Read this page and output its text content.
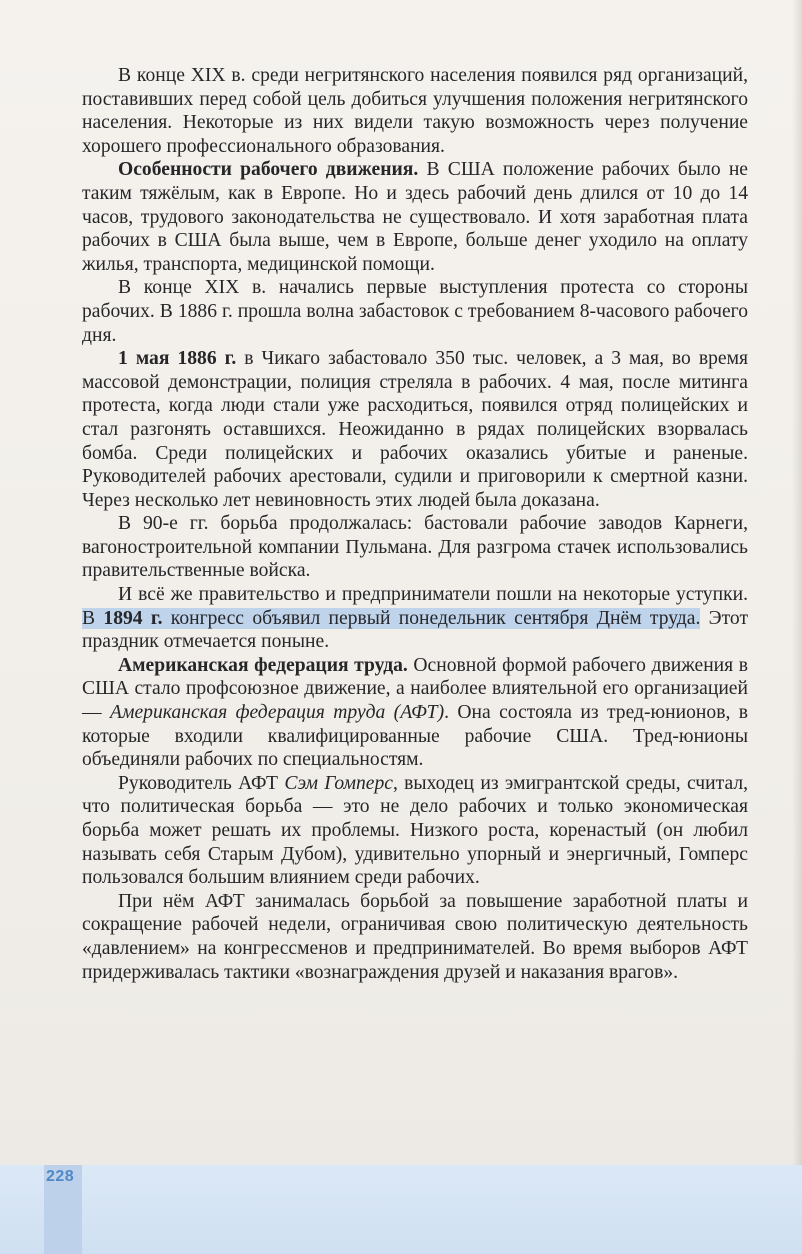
В конце XIX в. среди негритянского населения появился ряд организаций, поставивших перед собой цель добиться улучшения положения негритянского населения. Некоторые из них видели такую возможность через получение хорошего профессионального образования.

Особенности рабочего движения. В США положение рабочих было не таким тяжёлым, как в Европе. Но и здесь рабочий день длился от 10 до 14 часов, трудового законодательства не существовало. И хотя заработная плата рабочих в США была выше, чем в Европе, больше денег уходило на оплату жилья, транспорта, медицинской помощи.

В конце XIX в. начались первые выступления протеста со стороны рабочих. В 1886 г. прошла волна забастовок с требованием 8-часового рабочего дня.

1 мая 1886 г. в Чикаго забастовало 350 тыс. человек, а 3 мая, во время массовой демонстрации, полиция стреляла в рабочих. 4 мая, после митинга протеста, когда люди стали уже расходиться, появился отряд полицейских и стал разгонять оставшихся. Неожиданно в рядах полицейских взорвалась бомба. Среди полицейских и рабочих оказались убитые и раненые. Руководителей рабочих арестовали, судили и приговорили к смертной казни. Через несколько лет невиновность этих людей была доказана.

В 90-е гг. борьба продолжалась: бастовали рабочие заводов Карнеги, вагоностроительной компании Пульмана. Для разгрома стачек использовались правительственные войска.

И всё же правительство и предприниматели пошли на некоторые уступки. В 1894 г. конгресс объявил первый понедельник сентября Днём труда. Этот праздник отмечается поныне.

Американская федерация труда. Основной формой рабочего движения в США стало профсоюзное движение, а наиболее влиятельной его организацией — Американская федерация труда (АФТ). Она состояла из тред-юнионов, в которые входили квалифицированные рабочие США. Тред-юнионы объединяли рабочих по специальностям.

Руководитель АФТ Сэм Гомперс, выходец из эмигрантской среды, считал, что политическая борьба — это не дело рабочих и только экономическая борьба может решать их проблемы. Низкого роста, коренастый (он любил называть себя Старым Дубом), удивительно упорный и энергичный, Гомперс пользовался большим влиянием среди рабочих.

При нём АФТ занималась борьбой за повышение заработной платы и сокращение рабочей недели, ограничивая свою политическую деятельность «давлением» на конгрессменов и предпринимателей. Во время выборов АФТ придерживалась тактики «вознаграждения друзей и наказания врагов».

228
